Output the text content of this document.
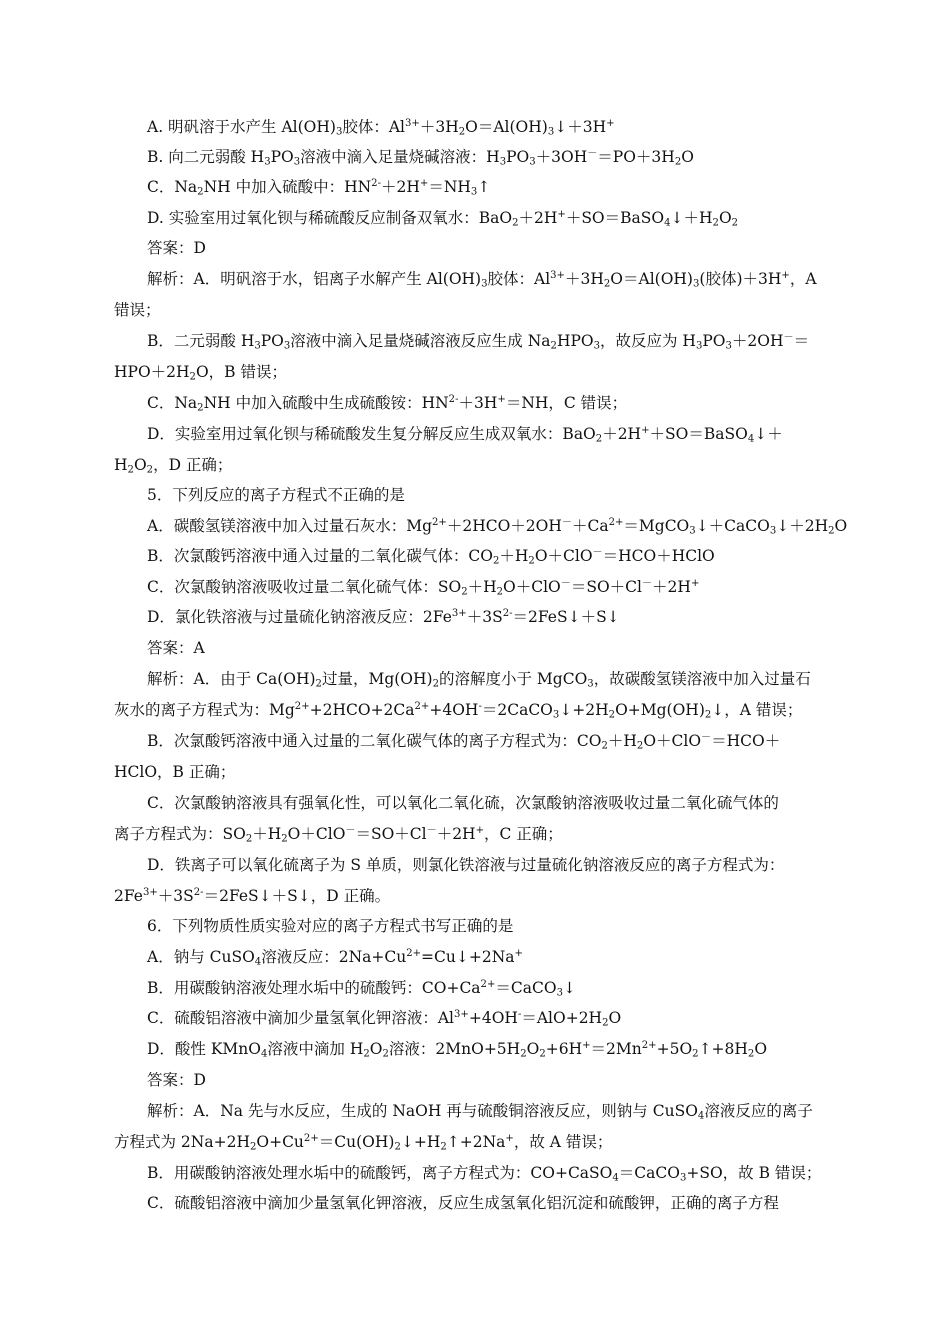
A. 明矾溶于水产生 $Al(OH)_3$胶体：$Al^{3+}+3H_2O=Al(OH)_3↓+3H^+$
B. 向二元弱酸 $H_3PO_3$溶液中滴入足量烧碱溶液：$H_3PO_3+3OH^-=PO+3H_2O$
C．$Na_2NH$ 中加入硫酸中：$HN^{2-}+2H^+=NH_3↑$
D. 实验室用过氧化钡与稀硫酸反应制备双氧水：$BaO_2+2H^++SO=BaSO_4↓+H_2O_2$
答案：D
解析：A．明矾溶于水，铝离子水解产生 $Al(OH)_3$胶体：$Al^{3+}+3H_2O=Al(OH)_3$(胶体)＋3H+，A
错误；
B．二元弱酸 $H_3PO_3$溶液中滴入足量烧碱溶液反应生成 $Na_2HPO_3$，故反应为 $H_3PO_3+2OH^-=$
$HPO+2H_2O$，B 错误；
C．$Na_2NH$ 中加入硫酸中生成硫酸铵：$HN^{2-}+3H^+=NH$，C 错误；
D．实验室用过氧化钡与稀硫酸发生复分解反应生成双氧水：BaO$_2$＋2H+＋SO＝BaSO$_4$↓＋
$H_2O_2$，D 正确；
5．下列反应的离子方程式不正确的是
A．碳酸氢镁溶液中加入过量石灰水：$Mg^{2+}+2HCO+2OH^-+Ca^{2+}=MgCO_3↓+CaCO_3↓+2H_2O$
B．次氯酸钙溶液中通入过量的二氧化碳气体：$CO_2+H_2O+ClO^-=HCO+HClO$
C．次氯酸钠溶液吸收过量二氧化硫气体：$SO_2+H_2O+ClO^-=SO+Cl^-+2H^+$
D．氯化铁溶液与过量硫化钠溶液反应：$2Fe^{3+}+3S^{2-}=2FeS↓+S↓$
答案：A
解析：A．由于 $Ca(OH)_2$过量，$Mg(OH)_2$的溶解度小于 MgCO$_3$，故碳酸氢镁溶液中加入过量石
灰水的离子方程式为：$Mg^{2+}+2HCO+2Ca^{2+}+4OH^-=2CaCO_3↓+2H_2O+Mg(OH)_2↓$，A 错误；
B．次氯酸钙溶液中通入过量的二氧化碳气体的离子方程式为：$CO_2+H_2O+ClO^-=HCO+$
HClO，B 正确；
C．次氯酸钠溶液具有强氧化性，可以氧化二氧化硫，次氯酸钠溶液吸收过量二氧化硫气体的
离子方程式为：$SO_2+H_2O+ClO^-=SO+Cl^-+2H^+$，C 正确；
D．铁离子可以氧化硫离子为 S 单质，则氯化铁溶液与过量硫化钠溶液反应的离子方程式为：
$2Fe^{3+}+3S^{2-}=2FeS↓+S↓$，D 正确。
6．下列物质性质实验对应的离子方程式书写正确的是
A．钠与 CuSO$_4$溶液反应：$2Na+Cu^{2+}=Cu↓+2Na^+$
B．用碳酸钠溶液处理水垢中的硫酸钙：$CO+Ca^{2+}=CaCO_3↓$
C．硫酸铝溶液中滴加少量氢氧化钾溶液：$Al^{3+}+4OH^-=AlO+2H_2O$
D．酸性 KMnO$_4$溶液中滴加 $H_2O_2$溶液：$2MnO+5H_2O_2+6H^+=2Mn^{2+}+5O_2↑+8H_2O$
答案：D
解析：A．Na 先与水反应，生成的 NaOH 再与硫酸铜溶液反应，则钠与 CuSO$_4$溶液反应的离子
方程式为 $2Na+2H_2O+Cu^{2+}=Cu(OH)_2↓+H_2↑+2Na^+$，故 A 错误；
B．用碳酸钠溶液处理水垢中的硫酸钙，离子方程式为：CO+CaSO$_4$＝CaCO$_3$+SO，故 B 错误；
C．硫酸铝溶液中滴加少量氢氧化钾溶液，反应生成氢氧化铝沉淀和硫酸钾，正确的离子方程
